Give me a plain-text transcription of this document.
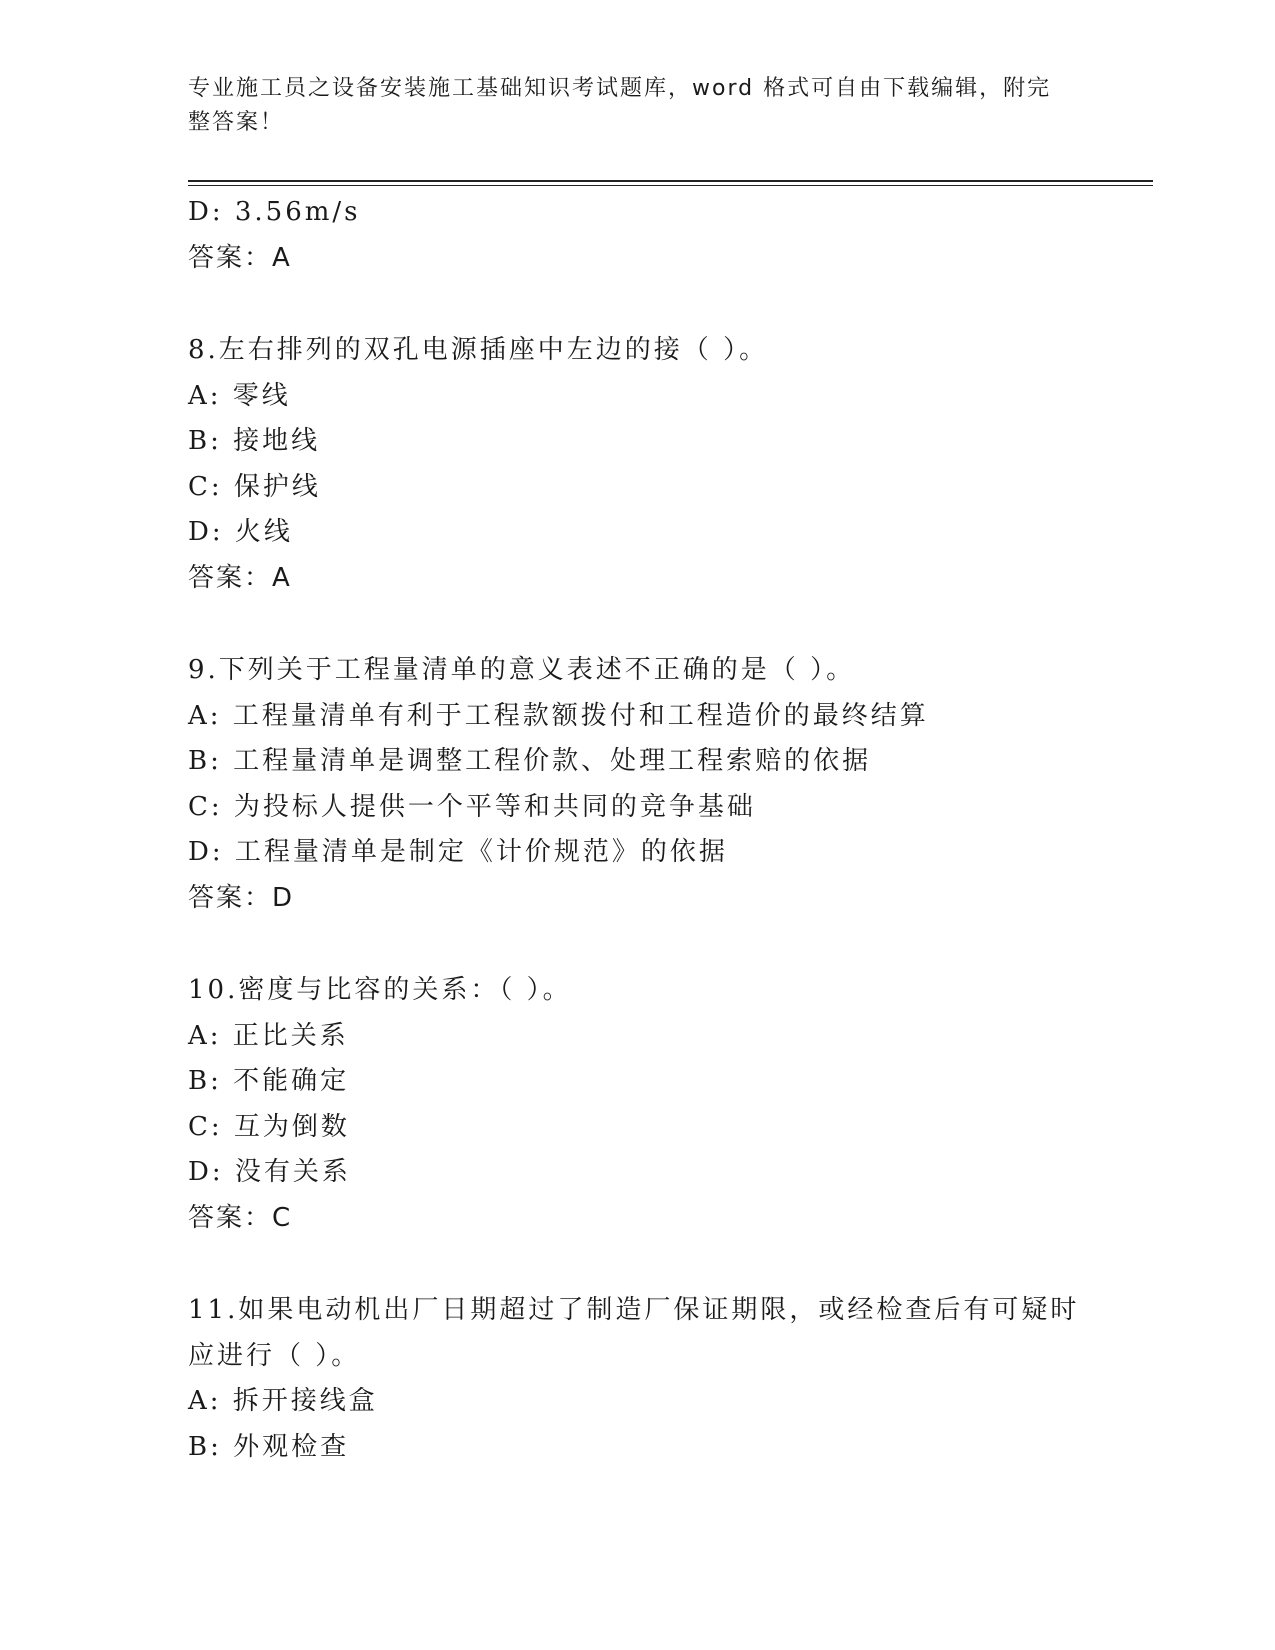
专业施工员之设备安装施工基础知识考试题库，word 格式可自由下载编辑，附完整答案！
D: 3.56m/s
答案：A
8.左右排列的双孔电源插座中左边的接（ ）。
A: 零线
B: 接地线
C: 保护线
D: 火线
答案：A
9.下列关于工程量清单的意义表述不正确的是（ ）。
A: 工程量清单有利于工程款额拨付和工程造价的最终结算
B: 工程量清单是调整工程价款、处理工程索赔的依据
C: 为投标人提供一个平等和共同的竞争基础
D: 工程量清单是制定《计价规范》的依据
答案：D
10.密度与比容的关系：（ ）。
A: 正比关系
B: 不能确定
C: 互为倒数
D: 没有关系
答案：C
11.如果电动机出厂日期超过了制造厂保证期限，或经检查后有可疑时
应进行（ ）。
A: 拆开接线盒
B: 外观检查
